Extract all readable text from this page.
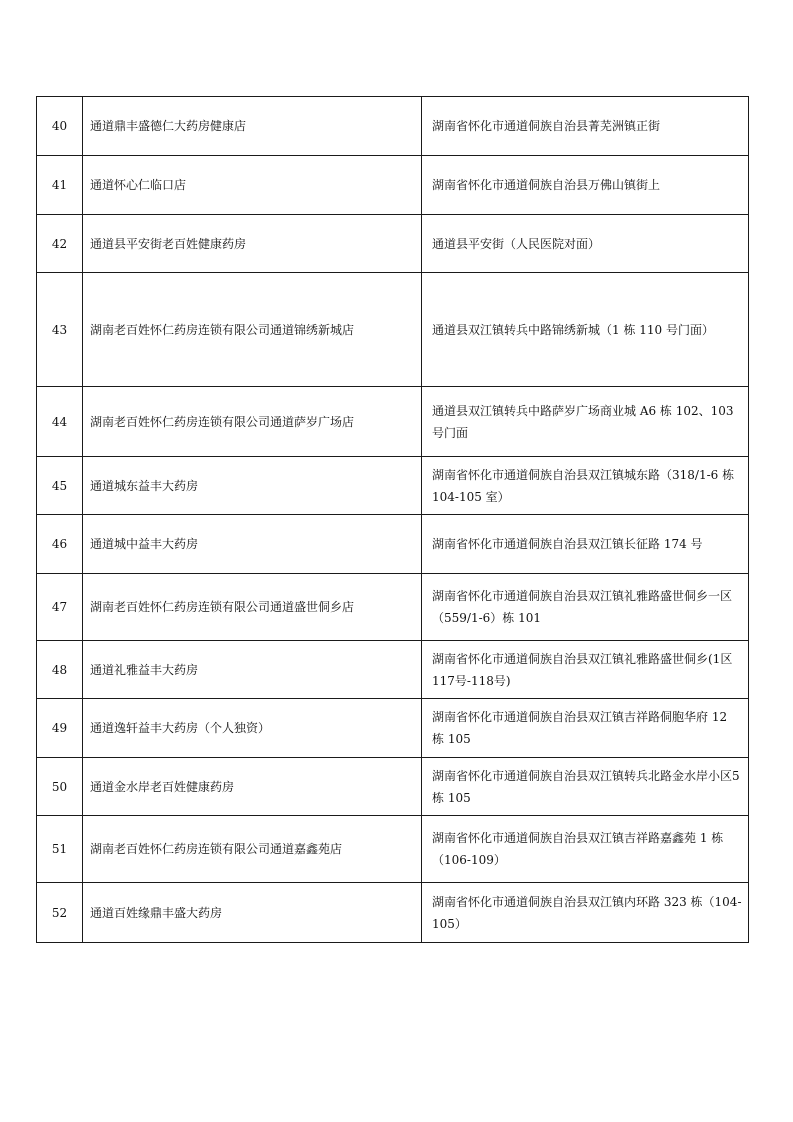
40	通道鼎丰盛德仁大药房健康店	湖南省怀化市通道侗族自治县菁芜洲镇正街
41	通道怀心仁临口店	湖南省怀化市通道侗族自治县万佛山镇街上
42	通道县平安街老百姓健康药房	通道县平安街（人民医院对面）
43	湖南老百姓怀仁药房连锁有限公司通道锦绣新城店	通道县双江镇转兵中路锦绣新城（1 栋 110 号门面）
44	湖南老百姓怀仁药房连锁有限公司通道萨岁广场店	通道县双江镇转兵中路萨岁广场商业城 A6 栋 102、103 号门面
45	通道城东益丰大药房	湖南省怀化市通道侗族自治县双江镇城东路（318/1-6 栋 104-105 室）
46	通道城中益丰大药房	湖南省怀化市通道侗族自治县双江镇长征路 174 号
47	湖南老百姓怀仁药房连锁有限公司通道盛世侗乡店	湖南省怀化市通道侗族自治县双江镇礼雅路盛世侗乡一区（559/1-6）栋 101
48	通道礼雅益丰大药房	湖南省怀化市通道侗族自治县双江镇礼雅路盛世侗乡(1区117号-118号)
49	通道逸轩益丰大药房（个人独资）	湖南省怀化市通道侗族自治县双江镇吉祥路侗胞华府 12 栋 105
50	通道金水岸老百姓健康药房	湖南省怀化市通道侗族自治县双江镇转兵北路金水岸小区5栋 105
51	湖南老百姓怀仁药房连锁有限公司通道嘉鑫苑店	湖南省怀化市通道侗族自治县双江镇吉祥路嘉鑫苑 1 栋（106-109）
52	通道百姓缘鼎丰盛大药房	湖南省怀化市通道侗族自治县双江镇内环路 323 栋（104-105）
